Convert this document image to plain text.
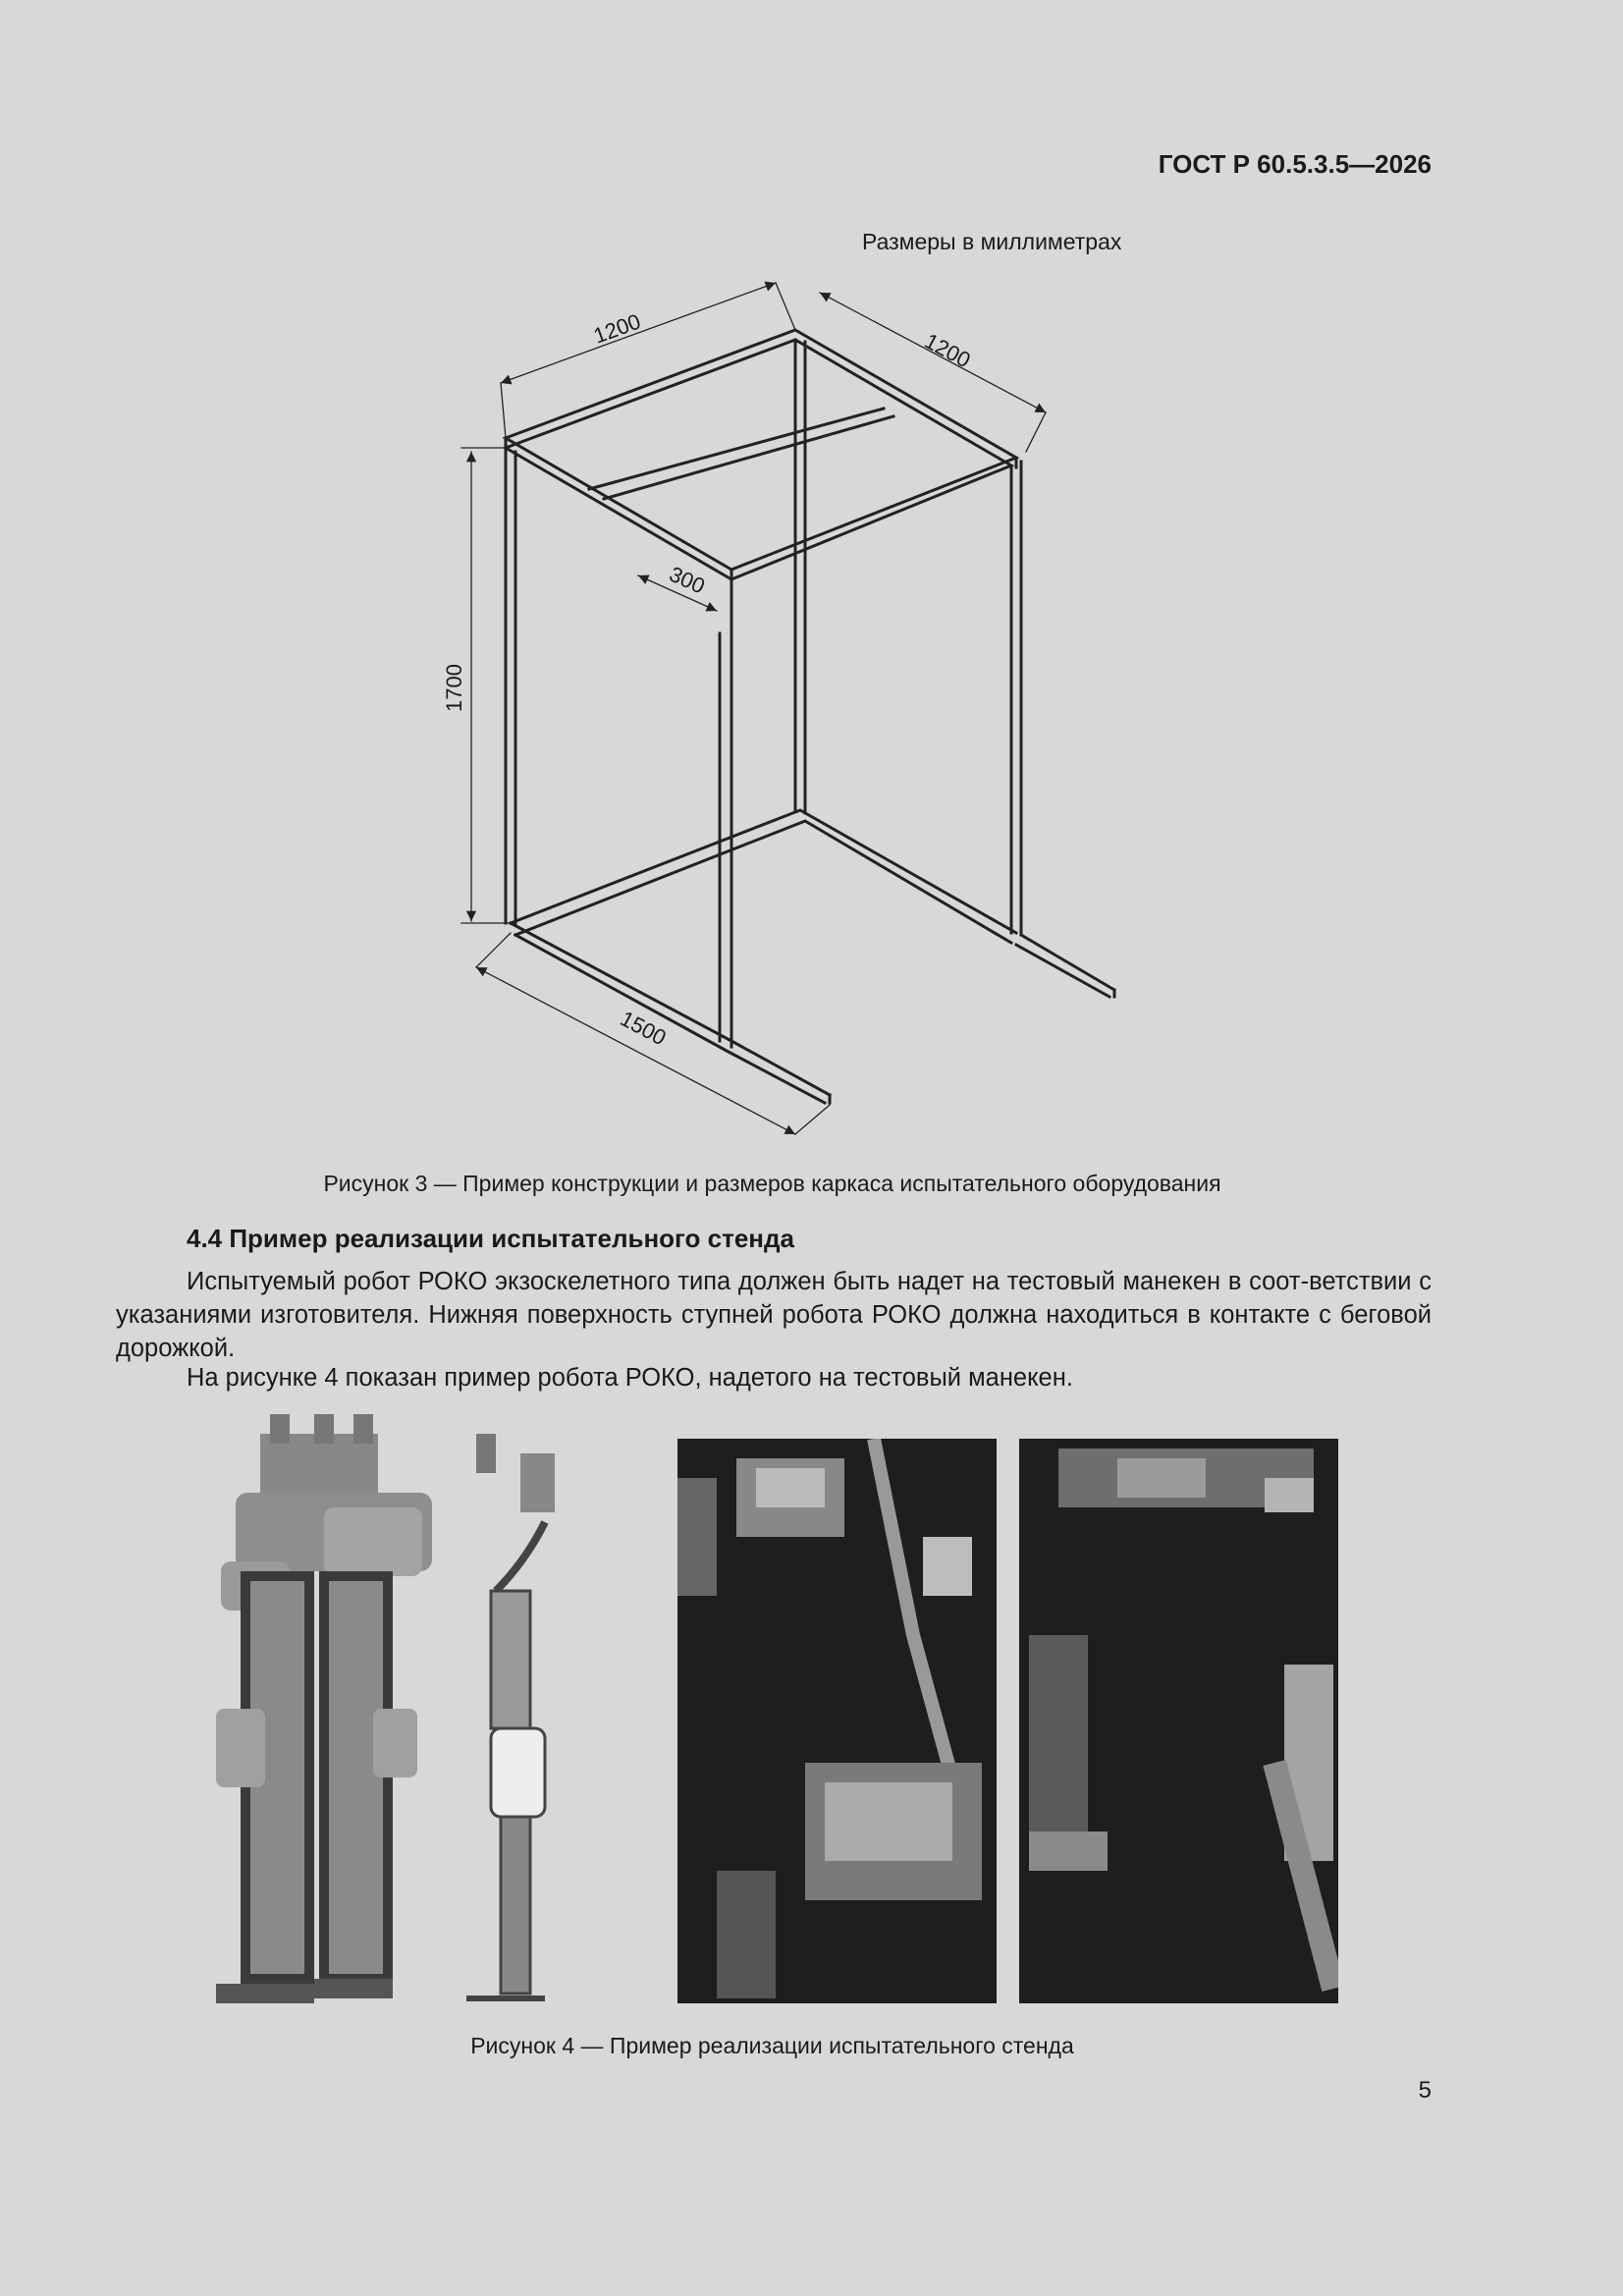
ГОСТ Р 60.5.3.5—2026
Размеры в миллиметрах
1200	1200
300
1700
1500
Рисунок 3 — Пример конструкции и размеров каркаса испытательного оборудования
4.4 Пример реализации испытательного стенда
Испытуемый робот РОКО экзоскелетного типа должен быть надет на тестовый манекен в соот-ветствии с указаниями изготовителя. Нижняя поверхность ступней робота РОКО должна находиться в контакте с беговой дорожкой.
На рисунке 4 показан пример робота РОКО, надетого на тестовый манекен.
Рисунок 4 — Пример реализации испытательного стенда
5
